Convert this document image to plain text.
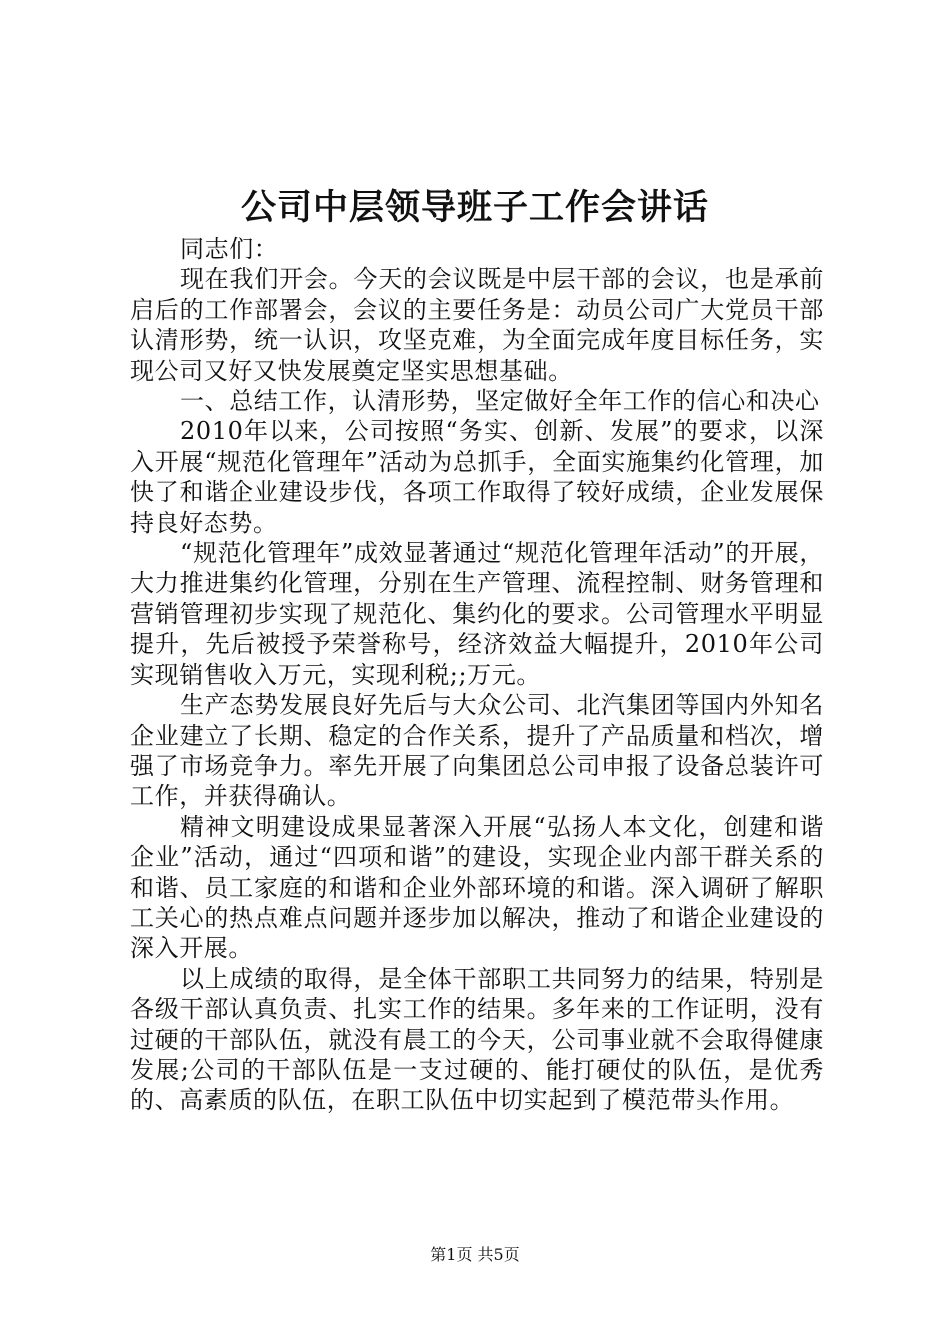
公司中层领导班子工作会讲话

同志们：

现在我们开会。今天的会议既是中层干部的会议，也是承前启后的工作部署会，会议的主要任务是：动员公司广大党员干部认清形势，统一认识，攻坚克难，为全面完成年度目标任务，实现公司又好又快发展奠定坚实思想基础。

一、总结工作，认清形势，坚定做好全年工作的信心和决心

2010年以来，公司按照“务实、创新、发展”的要求，以深入开展“规范化管理年”活动为总抓手，全面实施集约化管理，加快了和谐企业建设步伐，各项工作取得了较好成绩，企业发展保持良好态势。

“规范化管理年”成效显著通过“规范化管理年活动”的开展，大力推进集约化管理，分别在生产管理、流程控制、财务管理和营销管理初步实现了规范化、集约化的要求。公司管理水平明显提升，先后被授予荣誉称号，经济效益大幅提升，2010年公司实现销售收入万元，实现利税;;万元。

生产态势发展良好先后与大众公司、北汽集团等国内外知名企业建立了长期、稳定的合作关系，提升了产品质量和档次，增强了市场竞争力。率先开展了向集团总公司申报了设备总装许可工作，并获得确认。

精神文明建设成果显著深入开展“弘扬人本文化，创建和谐企业”活动，通过“四项和谐”的建设，实现企业内部干群关系的和谐、员工家庭的和谐和企业外部环境的和谐。深入调研了解职工关心的热点难点问题并逐步加以解决，推动了和谐企业建设的深入开展。

以上成绩的取得，是全体干部职工共同努力的结果，特别是各级干部认真负责、扎实工作的结果。多年来的工作证明，没有过硬的干部队伍，就没有晨工的今天，公司事业就不会取得健康发展;公司的干部队伍是一支过硬的、能打硬仗的队伍，是优秀的、高素质的队伍，在职工队伍中切实起到了模范带头作用。

第1页 共5页
